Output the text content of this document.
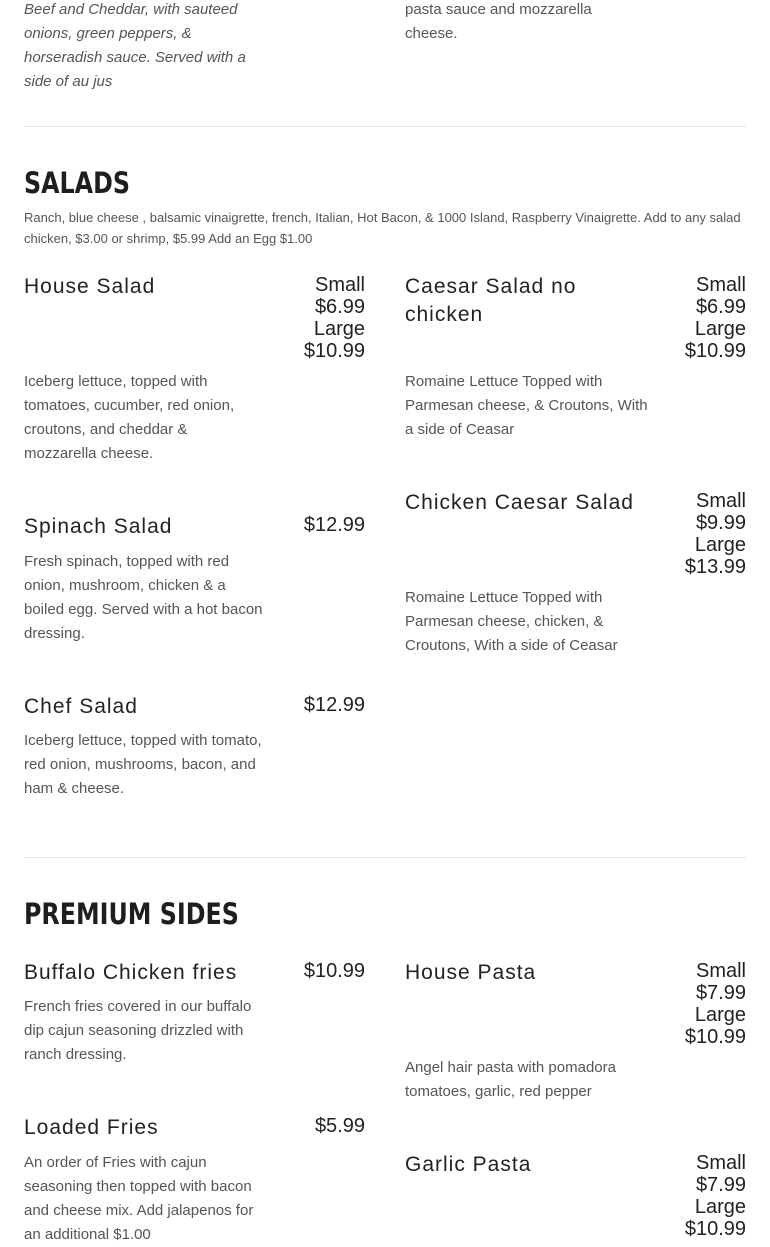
Beef and Cheddar, with sauteed onions, green peppers, & horseradish sauce. Served with a side of au jus

pasta sauce and mozzarella cheese.

SALADS

Ranch, blue cheese , balsamic vinaigrette, french, Italian, Hot Bacon, & 1000 Island, Raspberry Vinaigrette. Add to any salad chicken, $3.00 or shrimp, $5.99 Add an Egg $1.00

House Salad	Small
$6.99
Large
$10.99

Iceberg lettuce, topped with tomatoes, cucumber, red onion, croutons, and cheddar & mozzarella cheese.

Caesar Salad no chicken

Small
$6.99
Large
$10.99

Romaine Lettuce Topped with Parmesan cheese, & Croutons, With a side of Ceasar

Spinach Salad	$12.99

Fresh spinach, topped with red onion, mushroom, chicken & a boiled egg. Served with a hot bacon dressing.

Chicken Caesar Salad	Small
$9.99
Large
$13.99

Romaine Lettuce Topped with Parmesan cheese, chicken, & Croutons, With a side of Ceasar

Chef Salad	$12.99

Iceberg lettuce, topped with tomato, red onion, mushrooms, bacon, and ham & cheese.

PREMIUM SIDES

Buffalo Chicken fries	$10.99

French fries covered in our buffalo dip cajun seasoning drizzled with ranch dressing.

House Pasta	Small
$7.99
Large
$10.99

Angel hair pasta with pomadora tomatoes, garlic, red pepper

Loaded Fries	$5.99

An order of Fries with cajun seasoning then topped with bacon and cheese mix. Add jalapenos for an additional $1.00

Garlic Pasta	Small
$7.99
Large
$10.99
